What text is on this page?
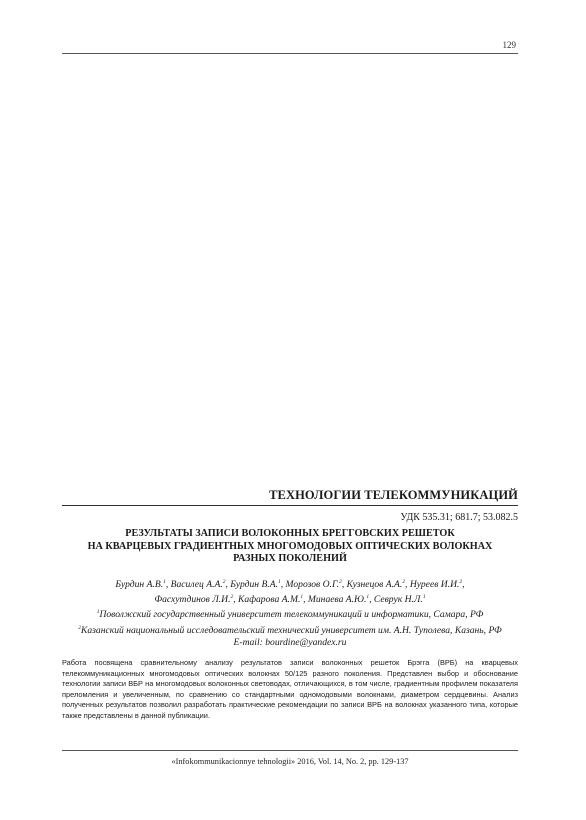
129
ТЕХНОЛОГИИ ТЕЛЕКОММУНИКАЦИЙ
УДК 535.31; 681.7; 53.082.5
РЕЗУЛЬТАТЫ ЗАПИСИ ВОЛОКОННЫХ БРЕГГОВСКИХ РЕШЕТОК
НА КВАРЦЕВЫХ ГРАДИЕНТНЫХ МНОГОМОДОВЫХ ОПТИЧЕСКИХ ВОЛОКНАХ
РАЗНЫХ ПОКОЛЕНИЙ
Бурдин А.В.$^1$, Василец А.А.$^2$, Бурдин В.А.$^1$, Морозов О.Г.$^2$, Кузнецов А.А.$^2$, Нуреев И.И.$^2$,
Фасхутдинов Л.И.$^2$, Кафарова А.М.$^1$, Минаева А.Ю.$^1$, Севрук Н.Л.$^1$
$^1$Поволжский государственный университет телекоммуникаций и информатики, Самара, РФ
$^2$Казанский национальный исследовательский технический университет им. А.Н. Туполева, Казань, РФ
E-mail: bourdine@yandex.ru
Работа посвящена сравнительному анализу результатов записи волоконных решеток Брэгга (ВРБ) на кварцевых телекоммуникационных многомодовых оптических волокнах 50/125 разного поколения. Представлен выбор и обоснование технологии записи ВБР на многомодовых волоконных световодах, отличающихся, в том числе, градиентным профилем показателя преломления и увеличенным, по сравнению со стандартными одномодовыми волокнами, диаметром сердцевины. Анализ полученных результатов позволил разработать практические рекомендации по записи ВРБ на волокнах указанного типа, которые также представлены в данной публикации.
«Infokommunikacionnye tehnologii» 2016, Vol. 14, No. 2, pp. 129-137
